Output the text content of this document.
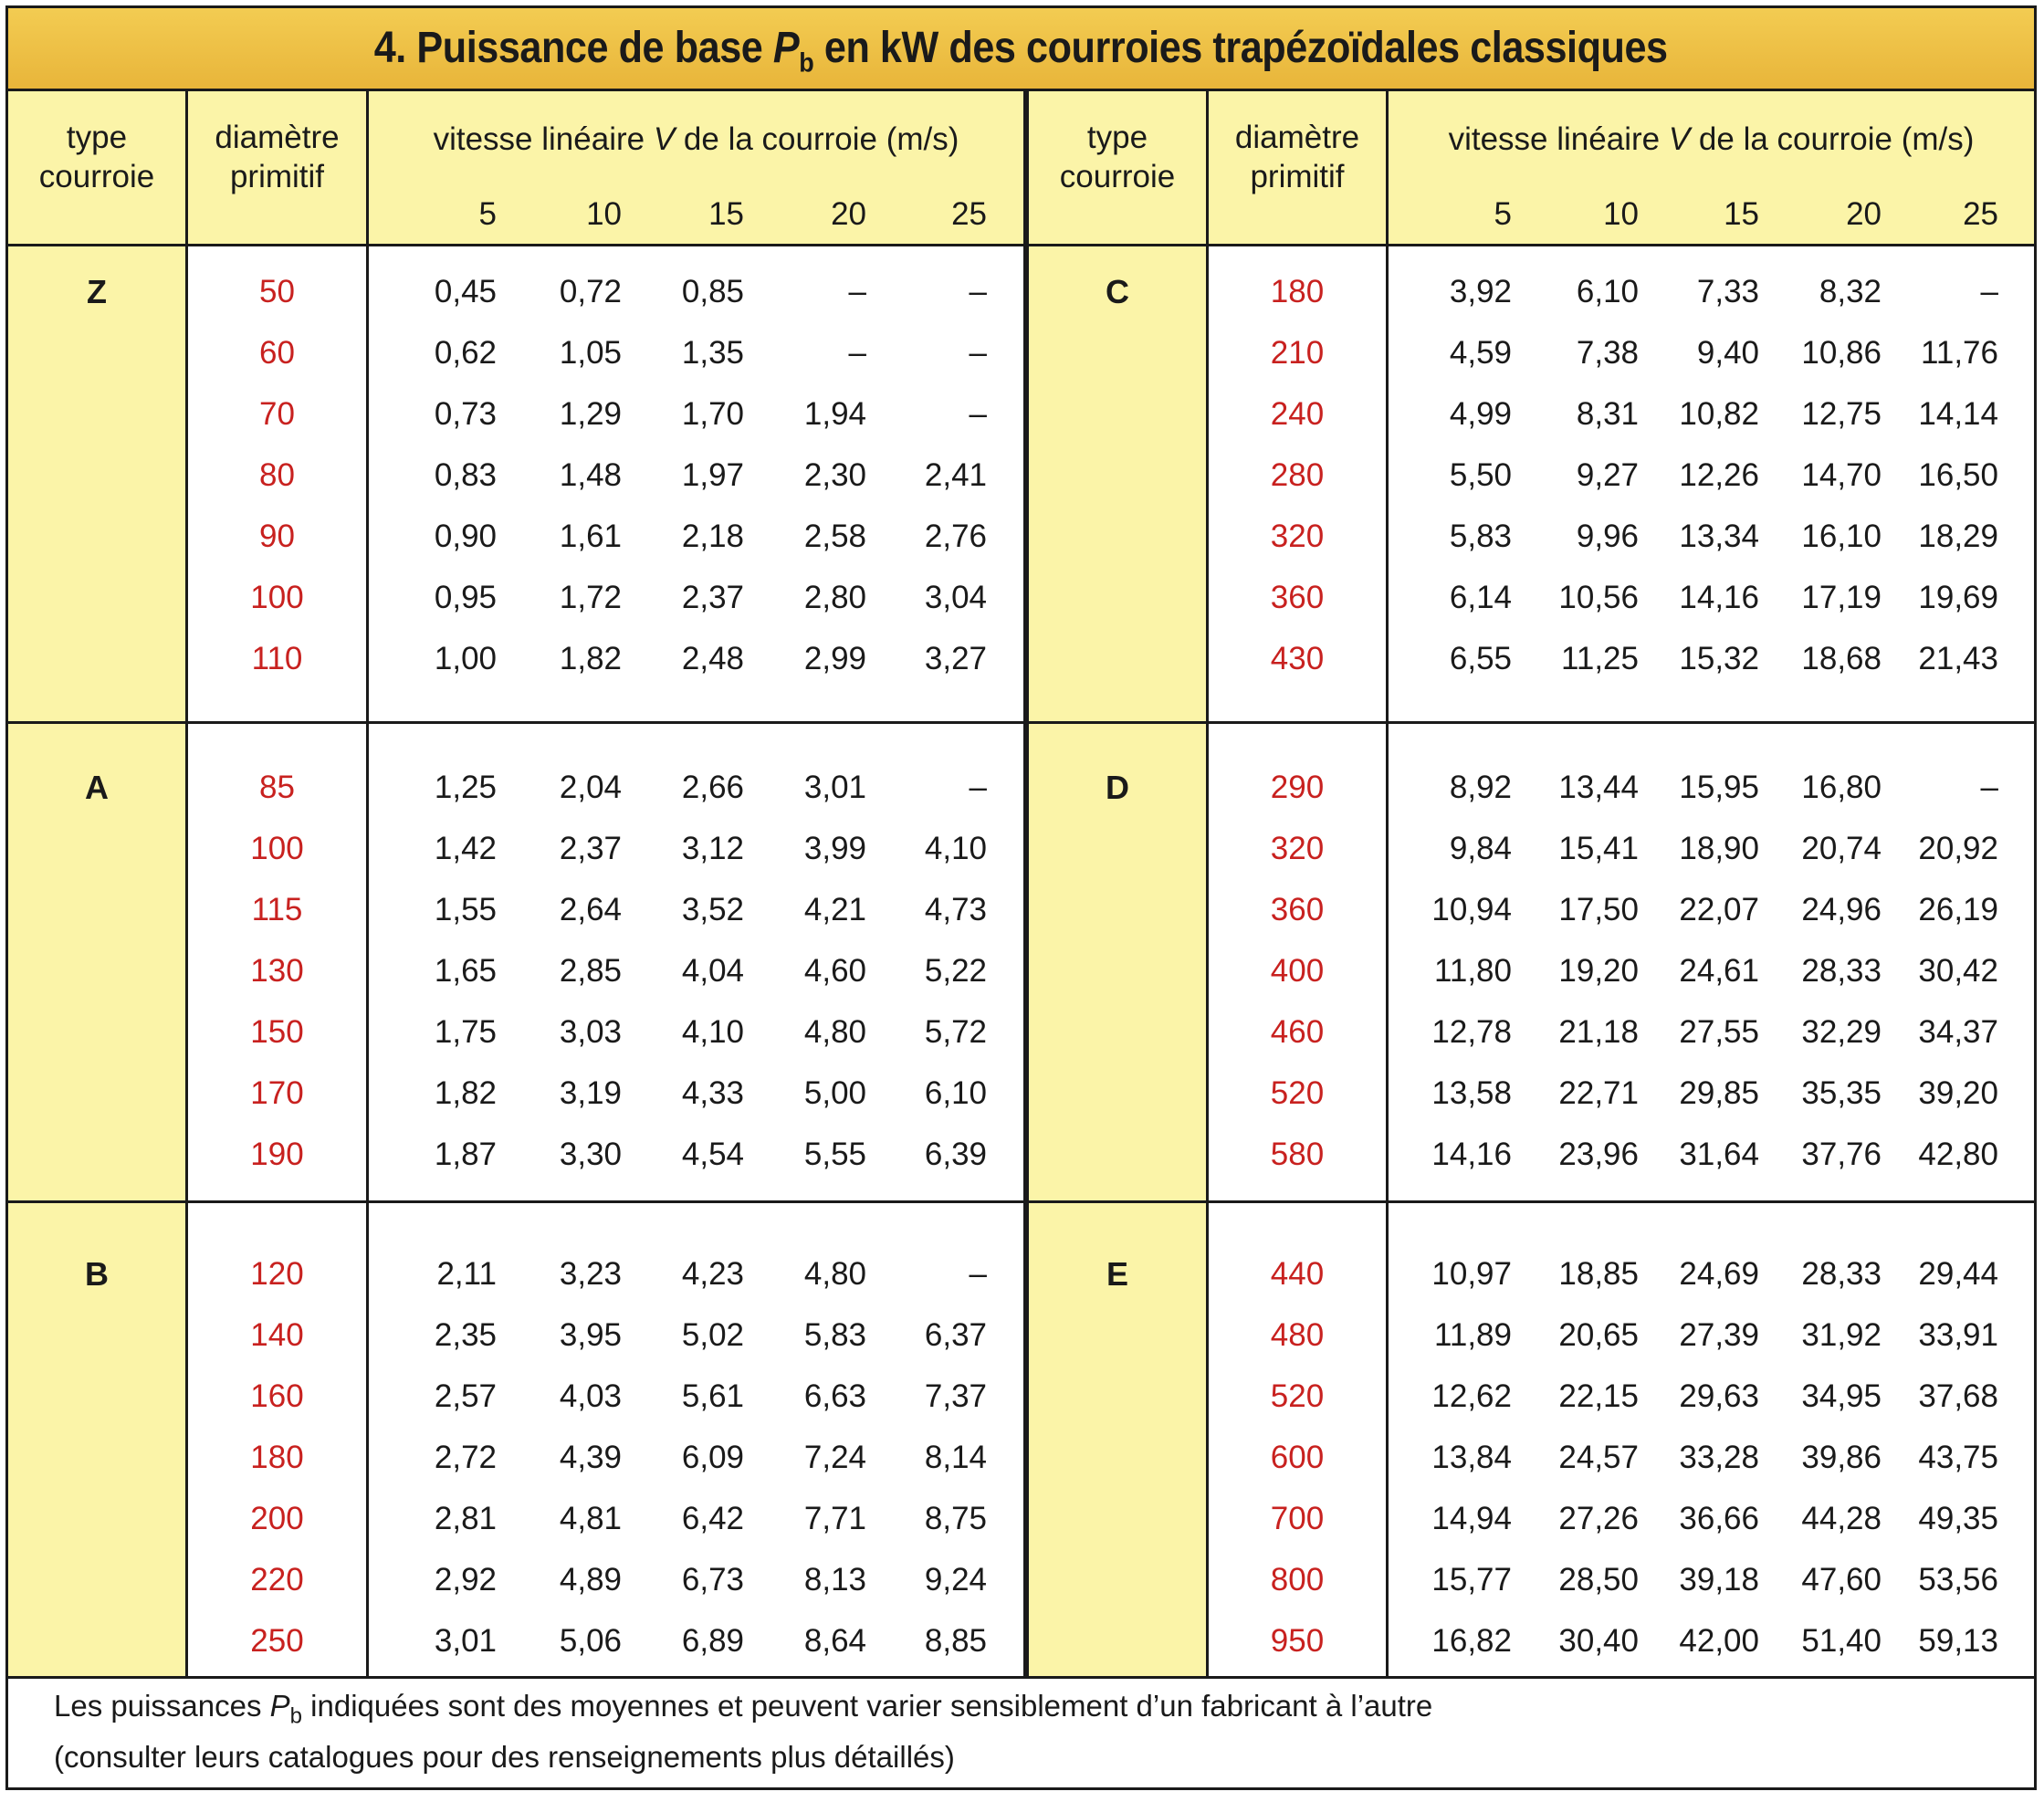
4. Puissance de base $P_b$ en kW des courroies trapézoïdales classiques
Les puissances $P_b$ indiquées sont des moyennes et peuvent varier sensiblement d’un fabricant à l’autre
(consulter leurs catalogues pour des renseignements plus détaillés)
type
courroie
diamètre
primitif
vitesse linéaire V de la courroie (m/s)
5	10	15	20	25
type
courroie
diamètre
primitif
vitesse linéaire V de la courroie (m/s)
5	10	15	20	25
Z	50	0,45	0,72	0,85	–	–
60	0,62	1,05	1,35	–	–
70	0,73	1,29	1,70	1,94	–
80	0,83	1,48	1,97	2,30	2,41
90	0,90	1,61	2,18	2,58	2,76
100	0,95	1,72	2,37	2,80	3,04
110	1,00	1,82	2,48	2,99	3,27
C	180	3,92	6,10	7,33	8,32	–
210	4,59	7,38	9,40	10,86	11,76
240	4,99	8,31	10,82	12,75	14,14
280	5,50	9,27	12,26	14,70	16,50
320	5,83	9,96	13,34	16,10	18,29
360	6,14	10,56	14,16	17,19	19,69
430	6,55	11,25	15,32	18,68	21,43
A	85	1,25	2,04	2,66	3,01	–
100	1,42	2,37	3,12	3,99	4,10
115	1,55	2,64	3,52	4,21	4,73
130	1,65	2,85	4,04	4,60	5,22
150	1,75	3,03	4,10	4,80	5,72
170	1,82	3,19	4,33	5,00	6,10
190	1,87	3,30	4,54	5,55	6,39
D	290	8,92	13,44	15,95	16,80	–
320	9,84	15,41	18,90	20,74	20,92
360	10,94	17,50	22,07	24,96	26,19
400	11,80	19,20	24,61	28,33	30,42
460	12,78	21,18	27,55	32,29	34,37
520	13,58	22,71	29,85	35,35	39,20
580	14,16	23,96	31,64	37,76	42,80
B	120	2,11	3,23	4,23	4,80	–
140	2,35	3,95	5,02	5,83	6,37
160	2,57	4,03	5,61	6,63	7,37
180	2,72	4,39	6,09	7,24	8,14
200	2,81	4,81	6,42	7,71	8,75
220	2,92	4,89	6,73	8,13	9,24
250	3,01	5,06	6,89	8,64	8,85
E	440	10,97	18,85	24,69	28,33	29,44
480	11,89	20,65	27,39	31,92	33,91
520	12,62	22,15	29,63	34,95	37,68
600	13,84	24,57	33,28	39,86	43,75
700	14,94	27,26	36,66	44,28	49,35
800	15,77	28,50	39,18	47,60	53,56
950	16,82	30,40	42,00	51,40	59,13
